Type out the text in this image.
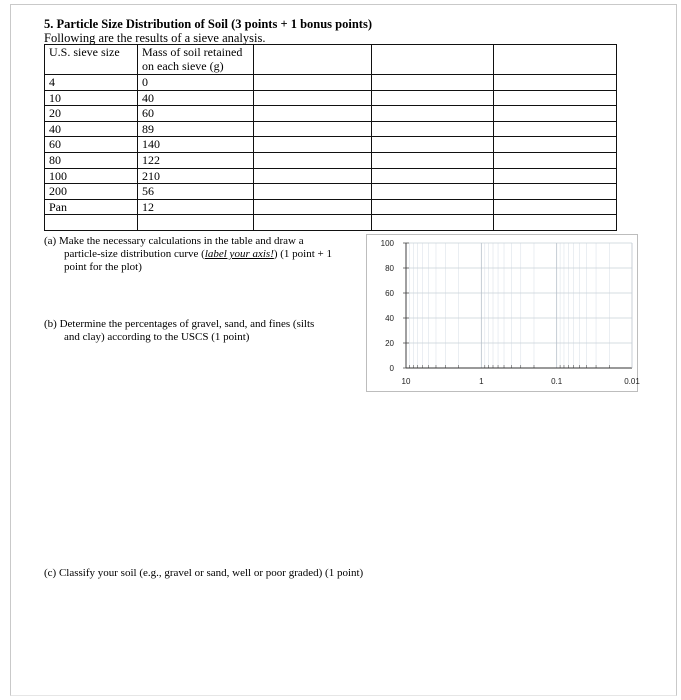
5. Particle Size Distribution of Soil (3 points + 1 bonus points)
Following are the results of a sieve analysis.
U.S. sieve size	Mass of soil retained
on each sieve (g)			
4	0			
10	40			
20	60			
40	89			
60	140			
80	122			
100	210			
200	56			
Pan	12			

(a) Make the necessary calculations in the table and draw a
particle-size distribution curve (label your axis!) (1 point + 1
point for the plot)
(b) Determine the percentages of gravel, sand, and fines (silts
and clay) according to the USCS (1 point)
(c) Classify your soil (e.g., gravel or sand, well or poor graded) (1 point)
0
20
40
60
80
100
10	1	0.1	0.01
